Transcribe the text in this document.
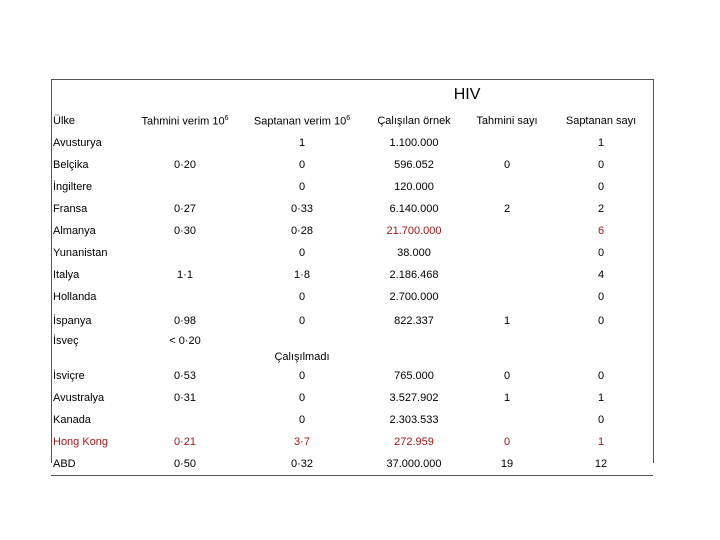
HIV					
Ülke	Tahmini verim $10^6$	Saptanan verim $10^6$	Çalışılan örnek	Tahmini sayı	Saptanan sayı
Avusturya		1	1.100.000		1
Belçika	0·20	0	596.052	0	0
İngiltere		0	120.000		0
Fransa	0·27	0·33	6.140.000	2	2
Almanya	0·30	0·28	21.700.000		6
Yunanistan		0	38.000		0
Italya	1·1	1·8	2.186.468		4
Hollanda		0	2.700.000		0
İspanya	0·98	0	822.337	1	0
İsveç	< 0·20	Çalışılmadı			
İsviçre	0·53	0	765.000	0	0
Avustralya	0·31	0	3.527.902	1	1
Kanada		0	2.303.533		0
Hong Kong	0·21	3·7	272.959	0	1
ABD	0·50	0·32	37.000.000	19	12
